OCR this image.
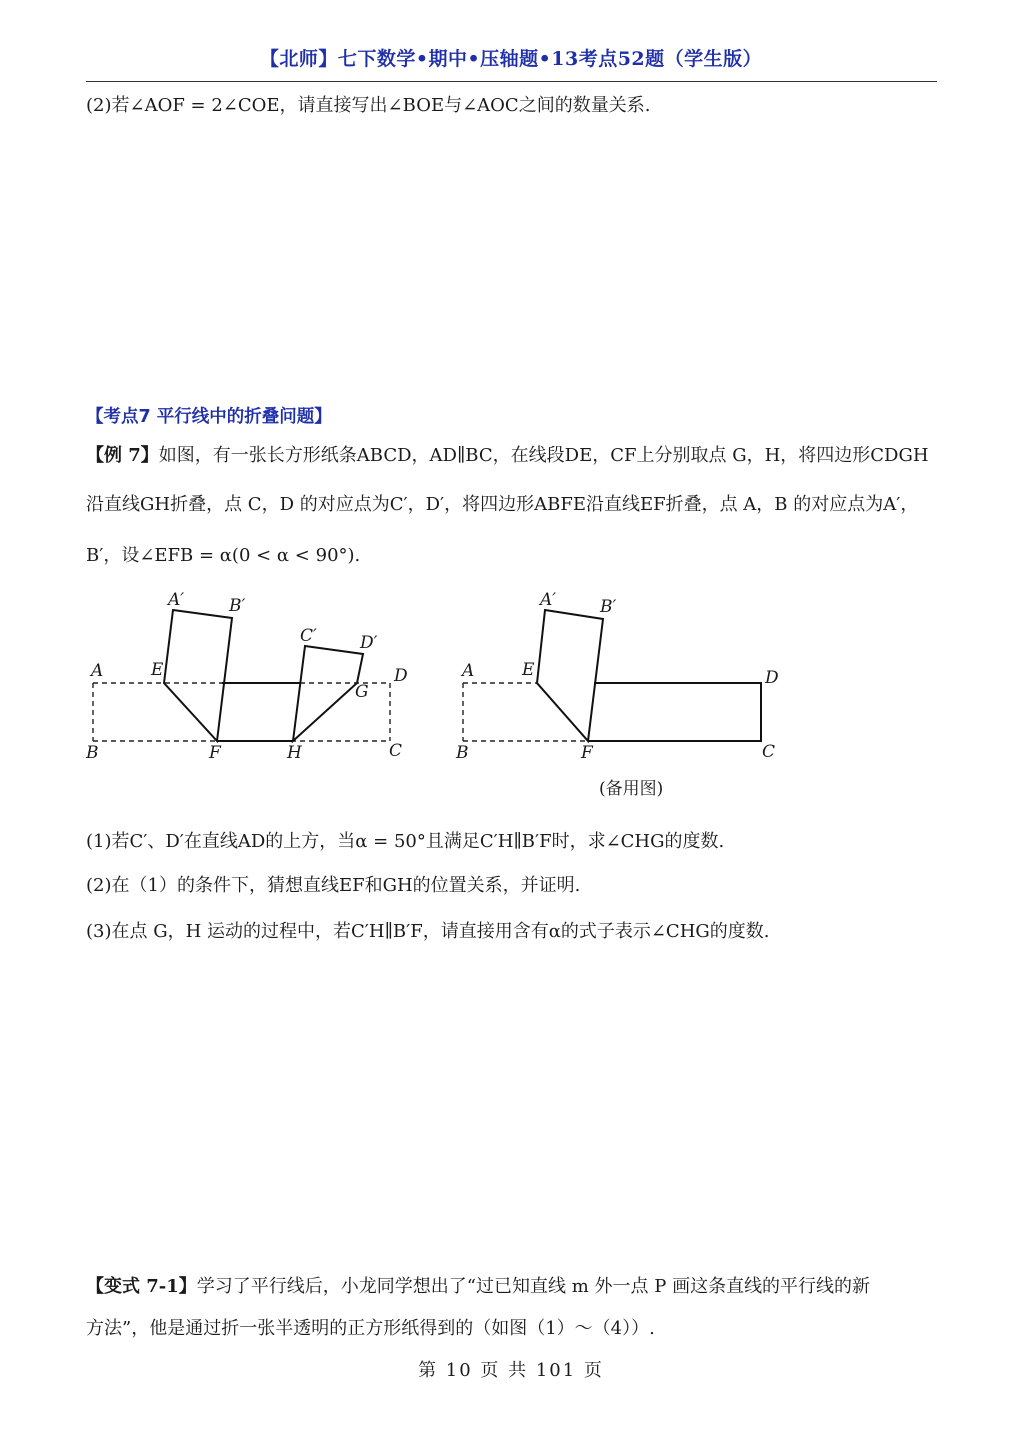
【北师】七下数学•期中•压轴题•13考点52题（学生版）
(2)若∠AOF = 2∠COE，请直接写出∠BOE与∠AOC之间的数量关系.
【考点7 平行线中的折叠问题】
【例 7】如图，有一张长方形纸条ABCD，AD∥BC，在线段DE，CF上分别取点 G，H，将四边形CDGH
沿直线GH折叠，点 C，D 的对应点为C′，D′，将四边形ABFE沿直线EF折叠，点 A，B 的对应点为A′，
B′，设∠EFB = α(0 < α < 90°).
A′	B′
C′	D′
A	E	D
G
B	F	H	C
A′	B′
A	E	D
B	F	C
(备用图)
(1)若C′、D′在直线AD的上方，当α = 50°且满足C′H∥B′F时，求∠CHG的度数.
(2)在（1）的条件下，猜想直线EF和GH的位置关系，并证明.
(3)在点 G，H 运动的过程中，若C′H∥B′F，请直接用含有α的式子表示∠CHG的度数.
【变式 7-1】学习了平行线后，小龙同学想出了“过已知直线 m 外一点 P 画这条直线的平行线的新
方法”，他是通过折一张半透明的正方形纸得到的（如图（1）～（4））.
第 10 页 共 101 页
